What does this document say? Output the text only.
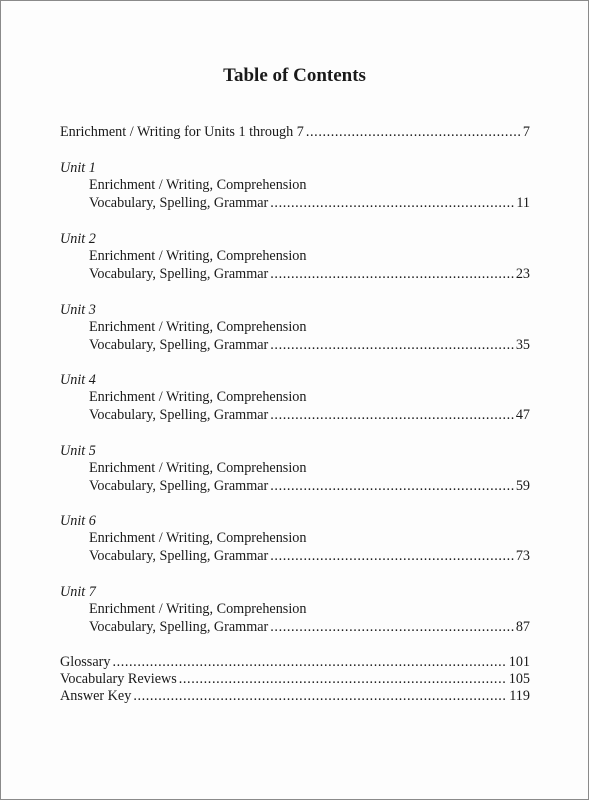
Table of Contents
Enrichment / Writing for Units 1 through 7 .....	7
Unit 1
Enrichment / Writing, Comprehension
Vocabulary, Spelling, Grammar .....	11
Unit 2
Enrichment / Writing, Comprehension
Vocabulary, Spelling, Grammar .....	23
Unit 3
Enrichment / Writing, Comprehension
Vocabulary, Spelling, Grammar .....	35
Unit 4
Enrichment / Writing, Comprehension
Vocabulary, Spelling, Grammar .....	47
Unit 5
Enrichment / Writing, Comprehension
Vocabulary, Spelling, Grammar .....	59
Unit 6
Enrichment / Writing, Comprehension
Vocabulary, Spelling, Grammar .....	73
Unit 7
Enrichment / Writing, Comprehension
Vocabulary, Spelling, Grammar .....	87
Glossary .....	101
Vocabulary Reviews .....	105
Answer Key .....	119
